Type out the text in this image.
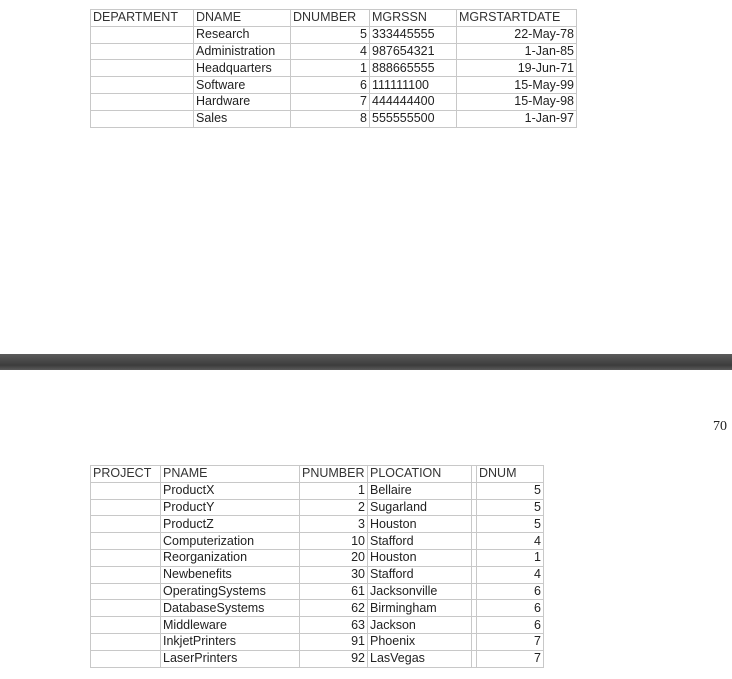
DEPARTMENT	DNAME	DNUMBER	MGRSSN	MGRSTARTDATE
	Research	5	333445555	22-May-78
	Administration	4	987654321	1-Jan-85
	Headquarters	1	888665555	19-Jun-71
	Software	6	111111100	15-May-99
	Hardware	7	444444400	15-May-98
	Sales	8	555555500	1-Jan-97
70
PROJECT	PNAME	PNUMBER	PLOCATION		DNUM
	ProductX	1	Bellaire		5
	ProductY	2	Sugarland		5
	ProductZ	3	Houston		5
	Computerization	10	Stafford		4
	Reorganization	20	Houston		1
	Newbenefits	30	Stafford		4
	OperatingSystems	61	Jacksonville		6
	DatabaseSystems	62	Birmingham		6
	Middleware	63	Jackson		6
	InkjetPrinters	91	Phoenix		7
	LaserPrinters	92	LasVegas		7
